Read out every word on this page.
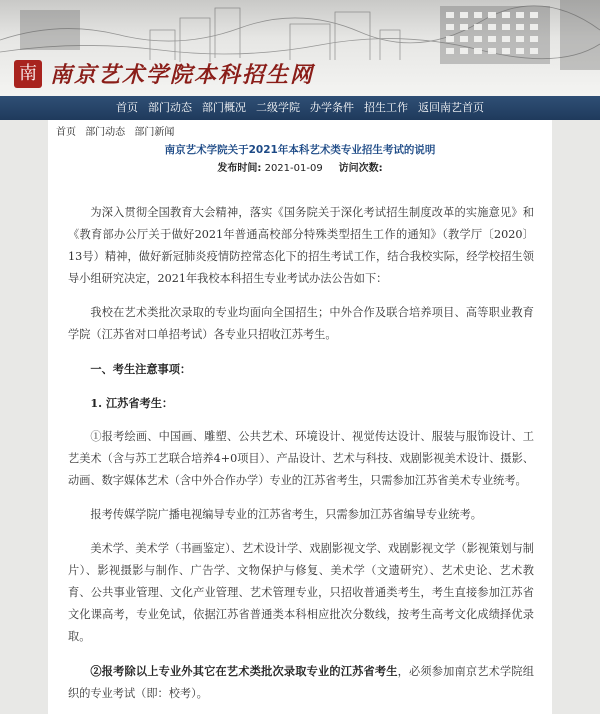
南 南京艺术学院本科招生网
首页 部门动态 部门概况 二级学院 办学条件 招生工作 返回南艺首页
首页 部门动态 部门新闻
南京艺术学院关于2021年本科艺术类专业招生考试的说明
发布时间: 2021-01-09 访问次数:

为深入贯彻全国教育大会精神，落实《国务院关于深化考试招生制度改革的实施意见》和《教育部办公厅关于做好2021年普通高校部分特殊类型招生工作的通知》（教学厅〔2020〕13号）精神，做好新冠肺炎疫情防控常态化下的招生考试工作，结合我校实际，经学校招生领导小组研究决定，2021年我校本科招生专业考试办法公告如下：

我校在艺术类批次录取的专业均面向全国招生；中外合作及联合培养项目、高等职业教育学院（江苏省对口单招考试）各专业只招收江苏考生。

一、考生注意事项：

1. 江苏省考生：

①报考绘画、中国画、雕塑、公共艺术、环境设计、视觉传达设计、服装与服饰设计、工艺美术（含与苏工艺联合培养4+0项目）、产品设计、艺术与科技、戏剧影视美术设计、摄影、动画、数字媒体艺术（含中外合作办学）专业的江苏省考生，只需参加江苏省美术专业统考。

报考传媒学院广播电视编导专业的江苏省考生，只需参加江苏省编导专业统考。

美术学、美术学（书画鉴定）、艺术设计学、戏剧影视文学、戏剧影视文学（影视策划与制片）、影视摄影与制作、广告学、文物保护与修复、美术学（文遗研究）、艺术史论、艺术教育、公共事业管理、文化产业管理、艺术管理专业，只招收普通类考生，考生直接参加江苏省文化课高考，专业免试，依据江苏省普通类本科相应批次分数线，按考生高考文化成绩择优录取。

②报考除以上专业外其它在艺术类批次录取专业的江苏省考生，必须参加南京艺术学院组织的专业考试（即：校考）。
